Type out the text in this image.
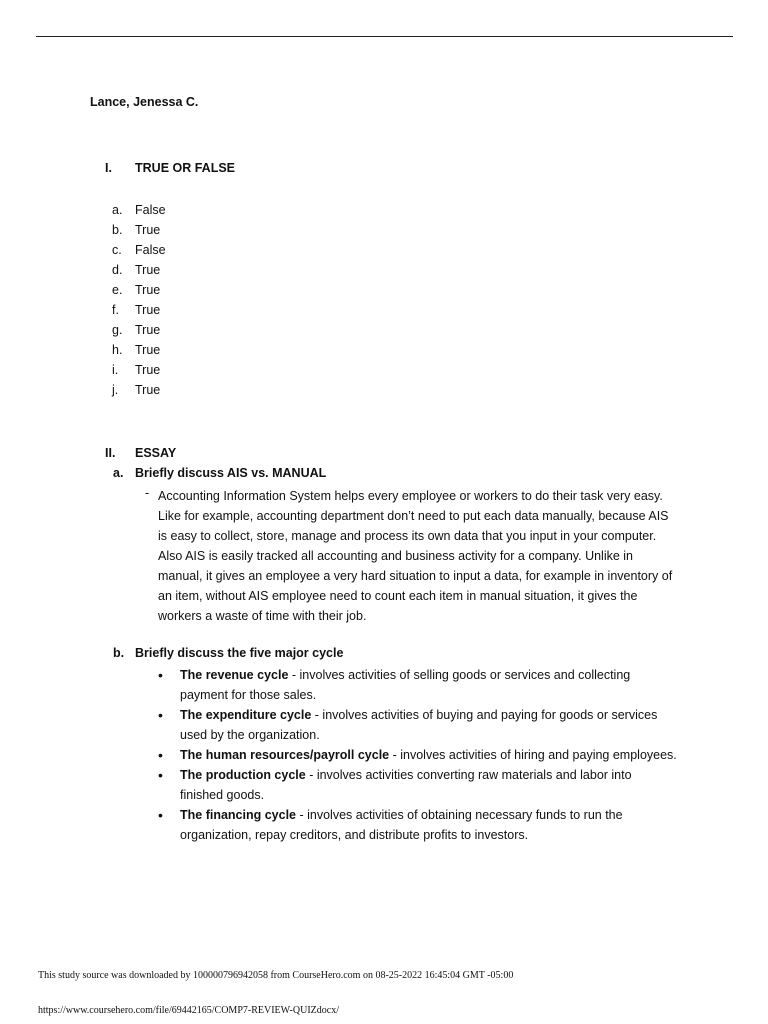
Lance, Jenessa C.
I. TRUE OR FALSE
a. False
b. True
c. False
d. True
e. True
f. True
g. True
h. True
i. True
j. True
II. ESSAY
a. Briefly discuss AIS vs. MANUAL
- Accounting Information System helps every employee or workers to do their task very easy. Like for example, accounting department don’t need to put each data manually, because AIS is easy to collect, store, manage and process its own data that you input in your computer. Also AIS is easily tracked all accounting and business activity for a company. Unlike in manual, it gives an employee a very hard situation to input a data, for example in inventory of an item, without AIS employee need to count each item in manual situation, it gives the workers a waste of time with their job.
b. Briefly discuss the five major cycle
• The revenue cycle - involves activities of selling goods or services and collecting payment for those sales.
• The expenditure cycle - involves activities of buying and paying for goods or services used by the organization.
• The human resources/payroll cycle - involves activities of hiring and paying employees.
• The production cycle - involves activities converting raw materials and labor into finished goods.
• The financing cycle - involves activities of obtaining necessary funds to run the organization, repay creditors, and distribute profits to investors.
This study source was downloaded by 100000796942058 from CourseHero.com on 08-25-2022 16:45:04 GMT -05:00
https://www.coursehero.com/file/69442165/COMP7-REVIEW-QUIZdocx/
